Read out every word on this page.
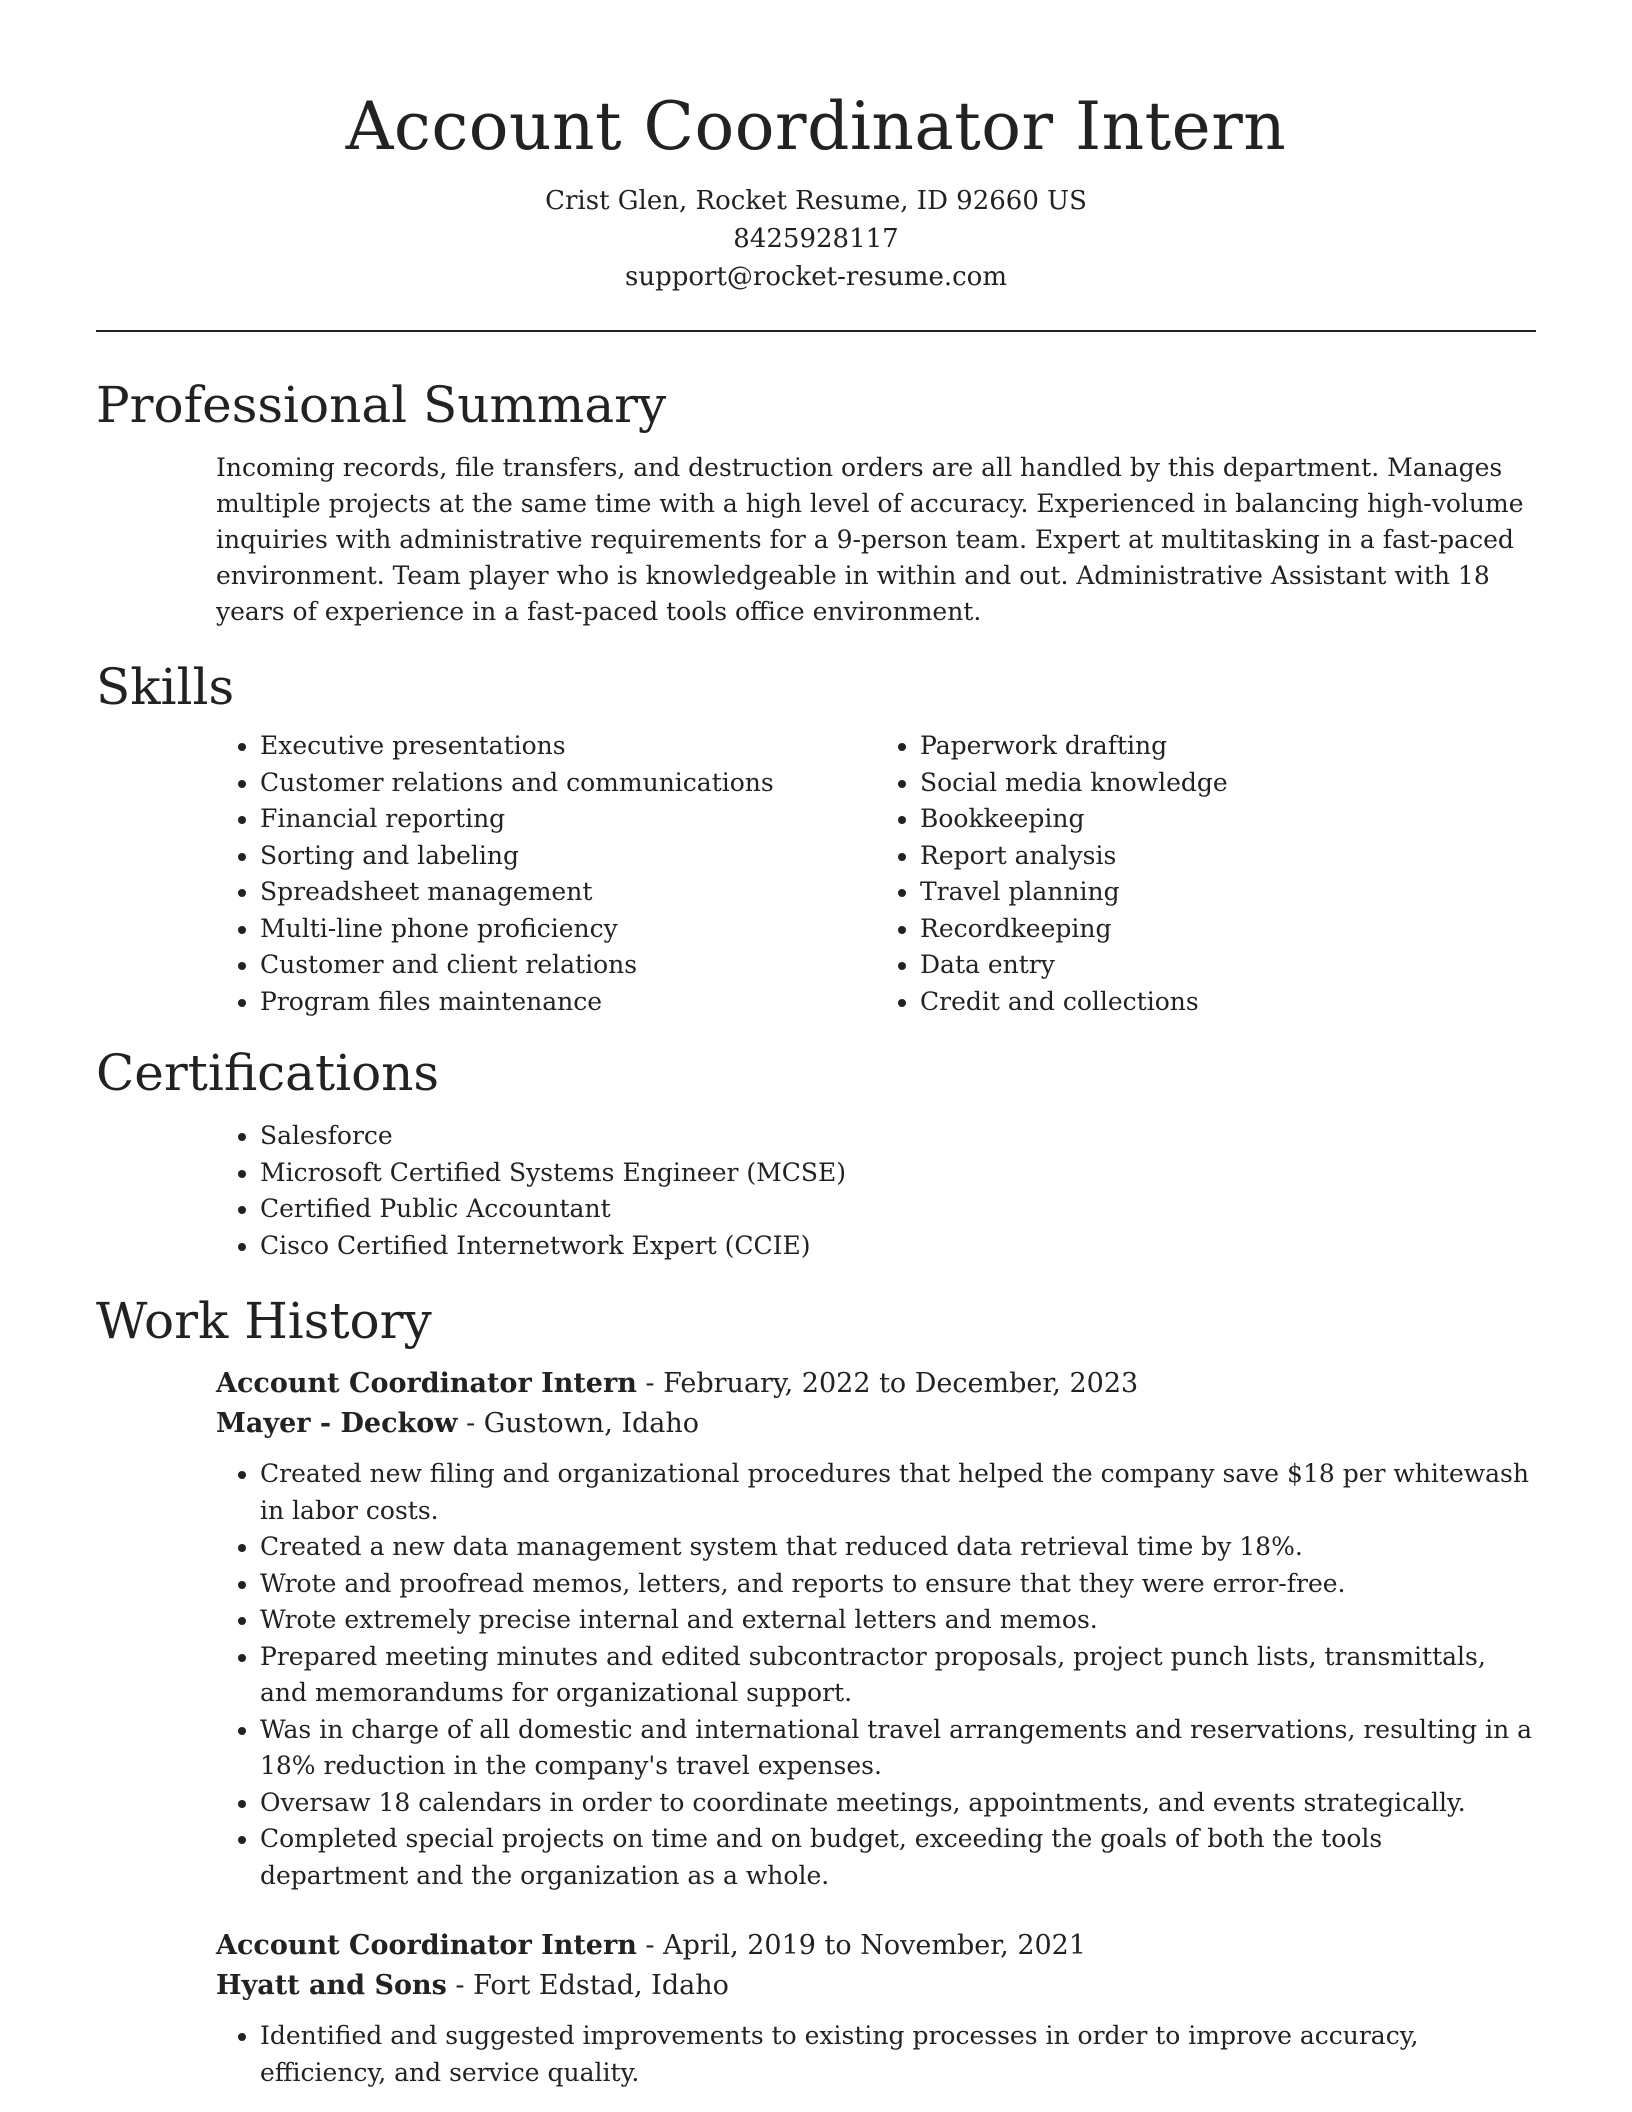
Account Coordinator Intern
Crist Glen, Rocket Resume, ID 92660 US
8425928117
support@rocket-resume.com
Professional Summary

Incoming records, file transfers, and destruction orders are all handled by this department. Manages multiple projects at the same time with a high level of accuracy. Experienced in balancing high-volume inquiries with administrative requirements for a 9-person team. Expert at multitasking in a fast-paced environment. Team player who is knowledgeable in within and out. Administrative Assistant with 18 years of experience in a fast-paced tools office environment.

Skills
• Executive presentations
• Customer relations and communications
• Financial reporting
• Sorting and labeling
• Spreadsheet management
• Multi-line phone proficiency
• Customer and client relations
• Program files maintenance
• Paperwork drafting
• Social media knowledge
• Bookkeeping
• Report analysis
• Travel planning
• Recordkeeping
• Data entry
• Credit and collections
Certifications
• Salesforce
• Microsoft Certified Systems Engineer (MCSE)
• Certified Public Accountant
• Cisco Certified Internetwork Expert (CCIE)
Work History
Account Coordinator Intern - February, 2022 to December, 2023
Mayer - Deckow - Gustown, Idaho
• Created new filing and organizational procedures that helped the company save $18 per whitewash in labor costs.
• Created a new data management system that reduced data retrieval time by 18%.
• Wrote and proofread memos, letters, and reports to ensure that they were error-free.
• Wrote extremely precise internal and external letters and memos.
• Prepared meeting minutes and edited subcontractor proposals, project punch lists, transmittals, and memorandums for organizational support.
• Was in charge of all domestic and international travel arrangements and reservations, resulting in a 18% reduction in the company's travel expenses.
• Oversaw 18 calendars in order to coordinate meetings, appointments, and events strategically.
• Completed special projects on time and on budget, exceeding the goals of both the tools department and the organization as a whole.
Account Coordinator Intern - April, 2019 to November, 2021
Hyatt and Sons - Fort Edstad, Idaho
• Identified and suggested improvements to existing processes in order to improve accuracy, efficiency, and service quality.
